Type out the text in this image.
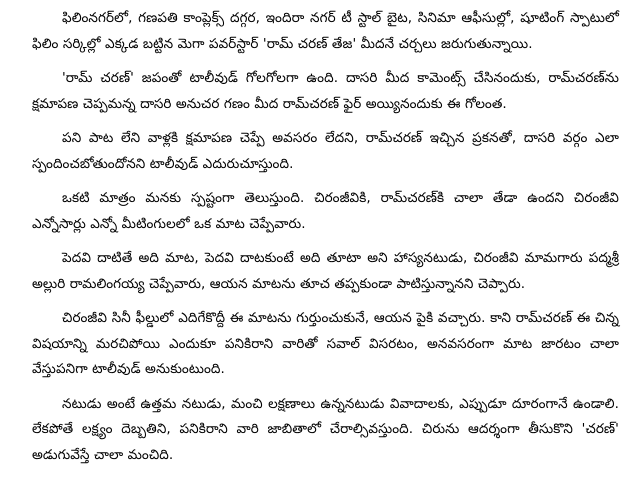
ఫిలింనగర్‌లో, గణపతి కాంప్లెక్స్ దగ్గర, ఇందిరా నగర్ టీ స్టాల్ బైట, సినిమా ఆఫీసుల్లో, షూటింగ్ స్పాటులో ఫిలిం సర్కిల్లో ఎక్కడ బట్టిన మెగా పవర్‌స్టార్ 'రామ్ చరణ్ తేజ' మీదనే చర్చలు జరుగుతున్నాయి.

'రామ్ చరణ్' జపంతో టాలీవుడ్ గోలగోలగా ఉంది. దాసరి మీద కామెంట్స్ చేసినందుకు, రామ్‌చరణ్‌ను క్షమాపణ చెప్పమన్న దాసరి అనుచర గణం మీద రామ్‌చరణ్ ఫైర్ అయ్యినందుకు ఈ గోలంత.

పని పాట లేని వాళ్లకి క్షమాపణ చెప్పే అవసరం లేదని, రామ్‌చరణ్ ఇచ్చిన ప్రకనతో, దాసరి వర్గం ఎలా స్పందించబోతుందోనని టాలీవుడ్ ఎదురుచూస్తుంది.

ఒకటి మాత్రం మనకు స్పష్టంగా తెలుస్తుంది. చిరంజీవికి, రామ్‌చరణ్‌కి చాలా తేడా ఉందని చిరంజీవి ఎన్నోసార్లు ఎన్నో మీటింగులలో ఒక మాట చెప్పేవారు.

పెదవి దాటితే అది మాట, పెదవి దాటకుంటే అది తూటా అని హాస్యనటుడు, చిరంజీవి మామగారు పద్మశ్రీ అల్లురి రామలింగయ్య చెప్పేవారు, ఆయన మాటను తూచ తప్పకుండా పాటిస్తున్నానని చెప్పారు.

చిరంజీవి సినీ ఫీల్డులో ఎదిగేకొద్దీ ఈ మాటను గుర్తుంచుకునే, ఆయన పైకి వచ్చారు. కాని రామ్‌చరణ్ ఈ చిన్న విషయాన్ని మరచిపోయి ఎందుకూ పనికిరాని వారితో సవాల్ విసరటం, అనవసరంగా మాట జారటం చాలా వేస్తుపనిగా టాలీవుడ్ అనుకుంటుంది.

నటుడు అంటే ఉత్తమ నటుడు, మంచి లక్షణాలు ఉన్ననటుడు వివాదాలకు, ఎప్పుడూ దూరంగానే ఉండాలి. లేకపోతే లక్ష్యం దెబ్బతిని, పనికిరాని వారి జాబితాలో చేరాల్సివస్తుంది. చిరును ఆదర్శంగా తీసుకొని 'చరణ్' అడుగువేస్తే చాలా మంచిది.
